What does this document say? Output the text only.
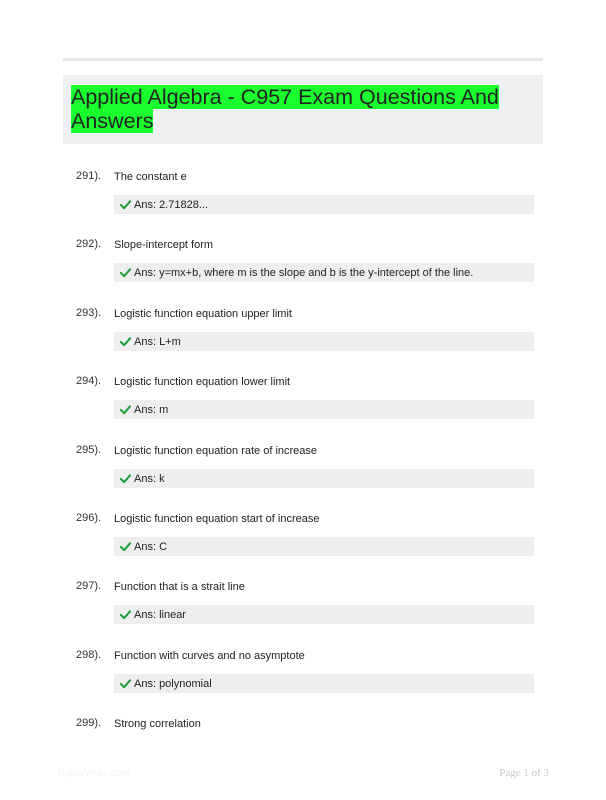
Applied Algebra - C957 Exam Questions And Answers
291). The constant e
Ans: 2.71828...
292). Slope-intercept form
Ans: y=mx+b, where m is the slope and b is the y-intercept of the line.
293). Logistic function equation upper limit
Ans: L+m
294). Logistic function equation lower limit
Ans: m
295). Logistic function equation rate of increase
Ans: k
296). Logistic function equation start of increase
Ans: C
297). Function that is a strait line
Ans: linear
298). Function with curves and no asymptote
Ans: polynomial
299). Strong correlation
PaperWrite.com	Page 1 of 3
